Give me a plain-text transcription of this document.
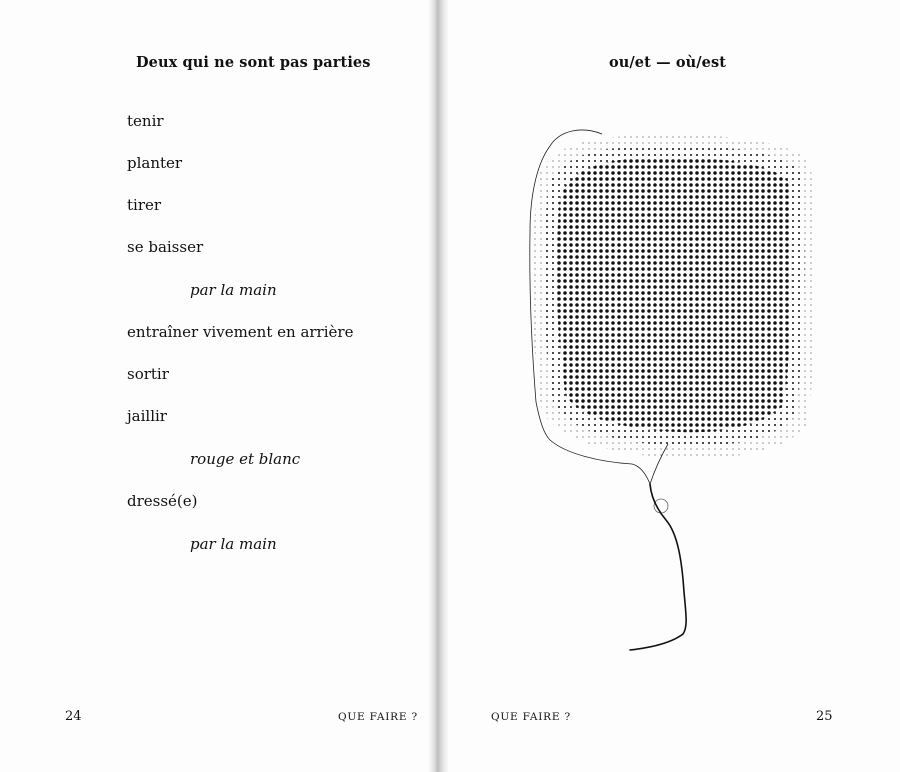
Deux qui ne sont pas parties
tenir
planter
tirer
se baisser
par la main
entraîner vivement en arrière
sortir
jaillir
rouge et blanc
dressé(e)
par la main
24	QUE FAIRE ?
ou/et — où/est
QUE FAIRE ?	25
